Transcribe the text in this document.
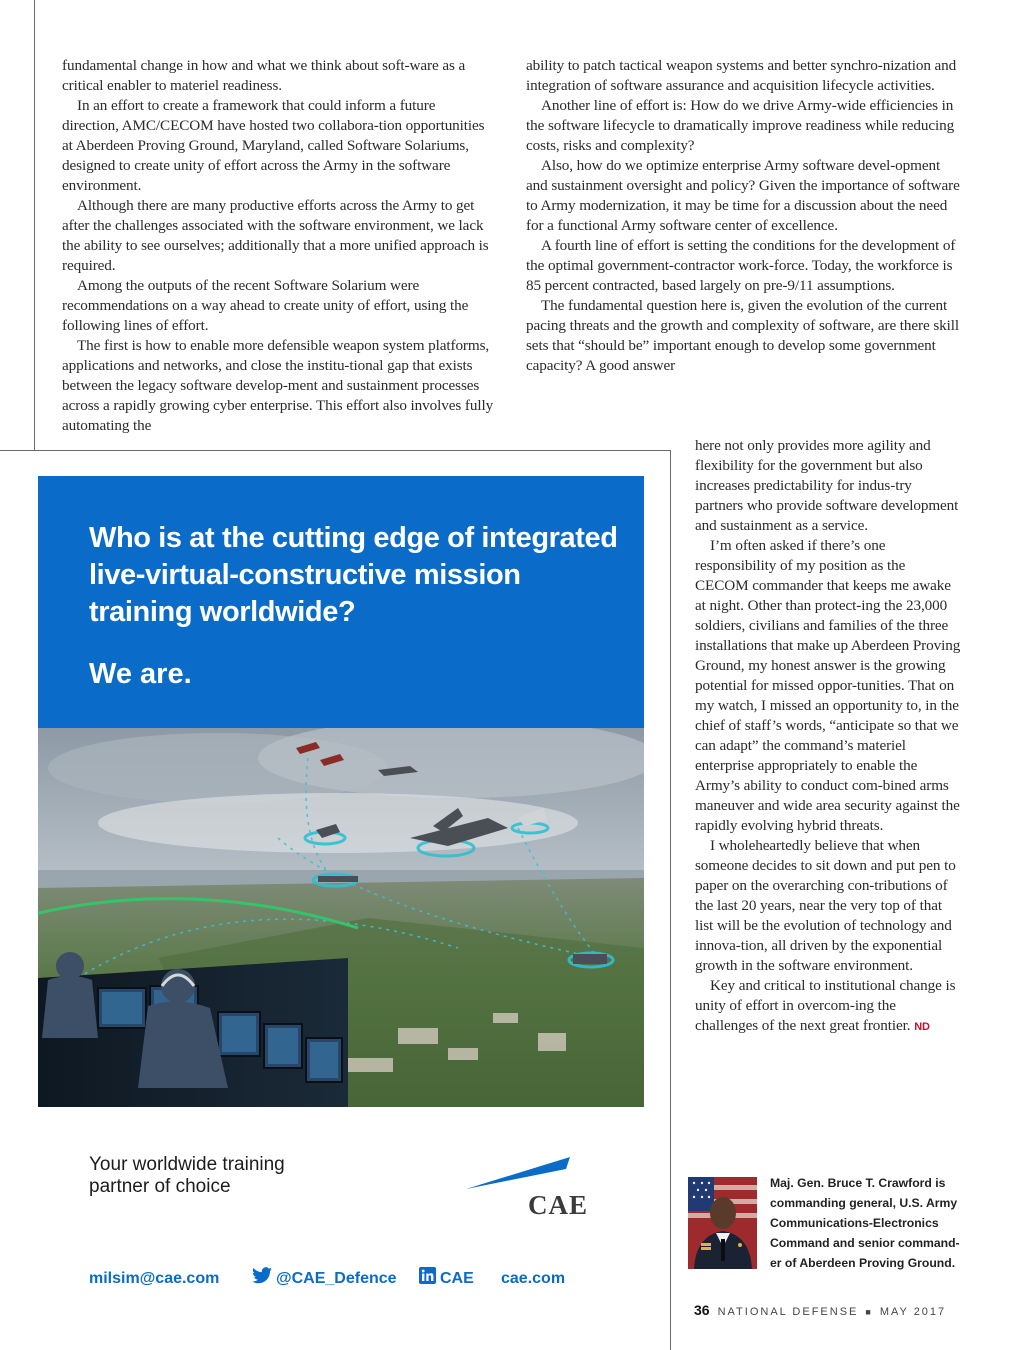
fundamental change in how and what we think about soft-ware as a critical enabler to materiel readiness.

In an effort to create a framework that could inform a future direction, AMC/CECOM have hosted two collabora-tion opportunities at Aberdeen Proving Ground, Maryland, called Software Solariums, designed to create unity of effort across the Army in the software environment.

Although there are many productive efforts across the Army to get after the challenges associated with the software environment, we lack the ability to see ourselves; additionally that a more unified approach is required.

Among the outputs of the recent Software Solarium were recommendations on a way ahead to create unity of effort, using the following lines of effort.

The first is how to enable more defensible weapon system platforms, applications and networks, and close the institu-tional gap that exists between the legacy software develop-ment and sustainment processes across a rapidly growing cyber enterprise. This effort also involves fully automating the

ability to patch tactical weapon systems and better synchro-nization and integration of software assurance and acquisition lifecycle activities.

Another line of effort is: How do we drive Army-wide efficiencies in the software lifecycle to dramatically improve readiness while reducing costs, risks and complexity?

Also, how do we optimize enterprise Army software devel-opment and sustainment oversight and policy? Given the importance of software to Army modernization, it may be time for a discussion about the need for a functional Army software center of excellence.

A fourth line of effort is setting the conditions for the development of the optimal government-contractor work-force. Today, the workforce is 85 percent contracted, based largely on pre-9/11 assumptions.

The fundamental question here is, given the evolution of the current pacing threats and the growth and complexity of software, are there skill sets that “should be” important enough to develop some government capacity? A good answer

here not only provides more agility and flexibility for the government but also increases predictability for indus-try partners who provide software development and sustainment as a service.

I’m often asked if there’s one responsibility of my position as the CECOM commander that keeps me awake at night. Other than protect-ing the 23,000 soldiers, civilians and families of the three installations that make up Aberdeen Proving Ground, my honest answer is the growing potential for missed oppor-tunities. That on my watch, I missed an opportunity to, in the chief of staff’s words, “anticipate so that we can adapt” the command’s materiel enterprise appropriately to enable the Army’s ability to conduct com-bined arms maneuver and wide area security against the rapidly evolving hybrid threats.

I wholeheartedly believe that when someone decides to sit down and put pen to paper on the overarching con-tributions of the last 20 years, near the very top of that list will be the evolution of technology and innova-tion, all driven by the exponential growth in the software environment.

Key and critical to institutional change is unity of effort in overcom-ing the challenges of the next great frontier. ND

Who is at the cutting edge of integrated live-virtual-constructive mission training worldwide?
We are.
Your worldwide training partner of choice
CAE
milsim@cae.com	@CAE_Defence	CAE cae.com
Maj. Gen. Bruce T. Crawford is commanding general, U.S. Army Communications-Electronics Command and senior command-er of Aberdeen Proving Ground.
36 NATIONAL DEFENSE ■ MAY 2017
